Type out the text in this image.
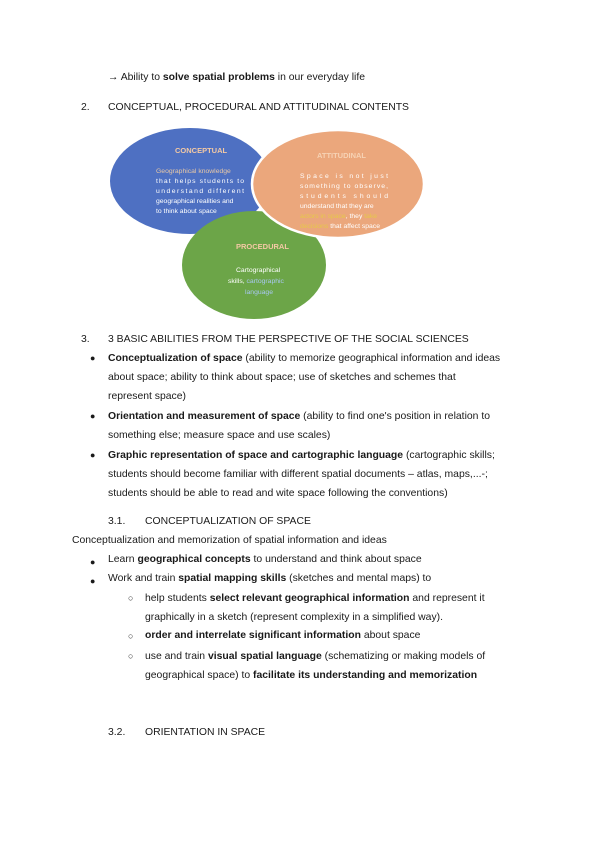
→ Ability to solve spatial problems in our everyday life
2. CONCEPTUAL, PROCEDURAL AND ATTITUDINAL CONTENTS
CONCEPTUAL
Geographical knowledge
that helps students to
understand different
geographical realities and
to think about space
ATTITUDINAL
Space is not just
something to observe,
students should
understand that they are
actors in space, they take
decisions that affect space
PROCEDURAL
Cartographical
skills, cartographic
language
3. 3 BASIC ABILITIES FROM THE PERSPECTIVE OF THE SOCIAL SCIENCES
● Conceptualization of space (ability to memorize geographical information and ideas
about space; ability to think about space; use of sketches and schemes that
represent space)
● Orientation and measurement of space (ability to find one's position in relation to
something else; measure space and use scales)
● Graphic representation of space and cartographic language (cartographic skills;
students should become familiar with different spatial documents – atlas, maps,...-;
students should be able to read and wite space following the conventions)
3.1. CONCEPTUALIZATION OF SPACE
Conceptualization and memorization of spatial information and ideas
● Learn geographical concepts to understand and think about space
● Work and train spatial mapping skills (sketches and mental maps) to
○ help students select relevant geographical information and represent it
graphically in a sketch (represent complexity in a simplified way).
○ order and interrelate significant information about space
○ use and train visual spatial language (schematizing or making models of
geographical space) to facilitate its understanding and memorization
3.2. ORIENTATION IN SPACE
